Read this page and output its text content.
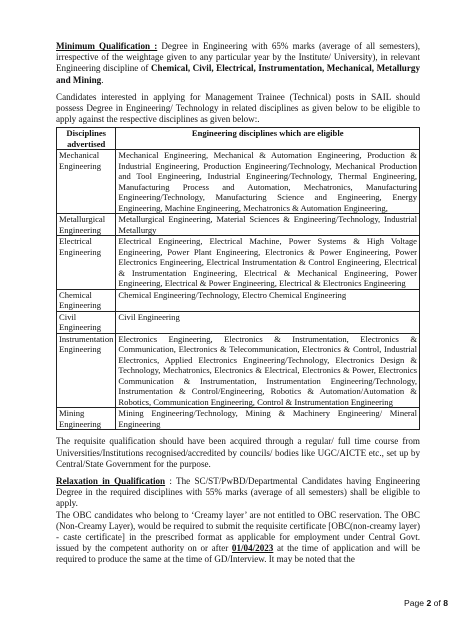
Minimum Qualification : Degree in Engineering with 65% marks (average of all semesters), irrespective of the weightage given to any particular year by the Institute/ University), in relevant Engineering discipline of Chemical, Civil, Electrical, Instrumentation, Mechanical, Metallurgy and Mining.

Candidates interested in applying for Management Trainee (Technical) posts in SAIL should possess Degree in Engineering/ Technology in related disciplines as given below to be eligible to apply against the respective disciplines as given below:.

Disciplines advertised	Engineering disciplines which are eligible
Mechanical Engineering	Mechanical Engineering, Mechanical & Automation Engineering, Production & Industrial Engineering, Production Engineering/Technology, Mechanical Production and Tool Engineering, Industrial Engineering/Technology, Thermal Engineering, Manufacturing Process and Automation, Mechatronics, Manufacturing Engineering/Technology, Manufacturing Science and Engineering, Energy Engineering, Machine Engineering, Mechatronics & Automation Engineering,
Metallurgical Engineering	Metallurgical Engineering, Material Sciences & Engineering/Technology, Industrial Metallurgy
Electrical Engineering	Electrical Engineering, Electrical Machine, Power Systems & High Voltage Engineering, Power Plant Engineering, Electronics & Power Engineering, Power Electronics Engineering, Electrical Instrumentation & Control Engineering, Electrical & Instrumentation Engineering, Electrical & Mechanical Engineering, Power Engineering, Electrical & Power Engineering, Electrical & Electronics Engineering
Chemical Engineering	Chemical Engineering/Technology, Electro Chemical Engineering
Civil Engineering	Civil Engineering
Instrumentation Engineering	Electronics Engineering, Electronics & Instrumentation, Electronics & Communication, Electronics & Telecommunication, Electronics & Control, Industrial Electronics, Applied Electronics Engineering/Technology, Electronics Design & Technology, Mechatronics, Electronics & Electrical, Electronics & Power, Electronics Communication & Instrumentation, Instrumentation Engineering/Technology, Instrumentation & Control/Engineering, Robotics & Automation/Automation & Robotics, Communication Engineering, Control & Instrumentation Engineering
Mining Engineering	Mining Engineering/Technology, Mining & Machinery Engineering/ Mineral Engineering

The requisite qualification should have been acquired through a regular/ full time course from Universities/Institutions recognised/accredited by councils/ bodies like UGC/AICTE etc., set up by Central/State Government for the purpose.

Relaxation in Qualification : The SC/ST/PwBD/Departmental Candidates having Engineering Degree in the required disciplines with 55% marks (average of all semesters) shall be eligible to apply.

The OBC candidates who belong to ‘Creamy layer’ are not entitled to OBC reservation. The OBC (Non-Creamy Layer), would be required to submit the requisite certificate [OBC(non-creamy layer) - caste certificate] in the prescribed format as applicable for employment under Central Govt. issued by the competent authority on or after 01/04/2023 at the time of application and will be required to produce the same at the time of GD/Interview. It may be noted that the

Page 2 of 8
